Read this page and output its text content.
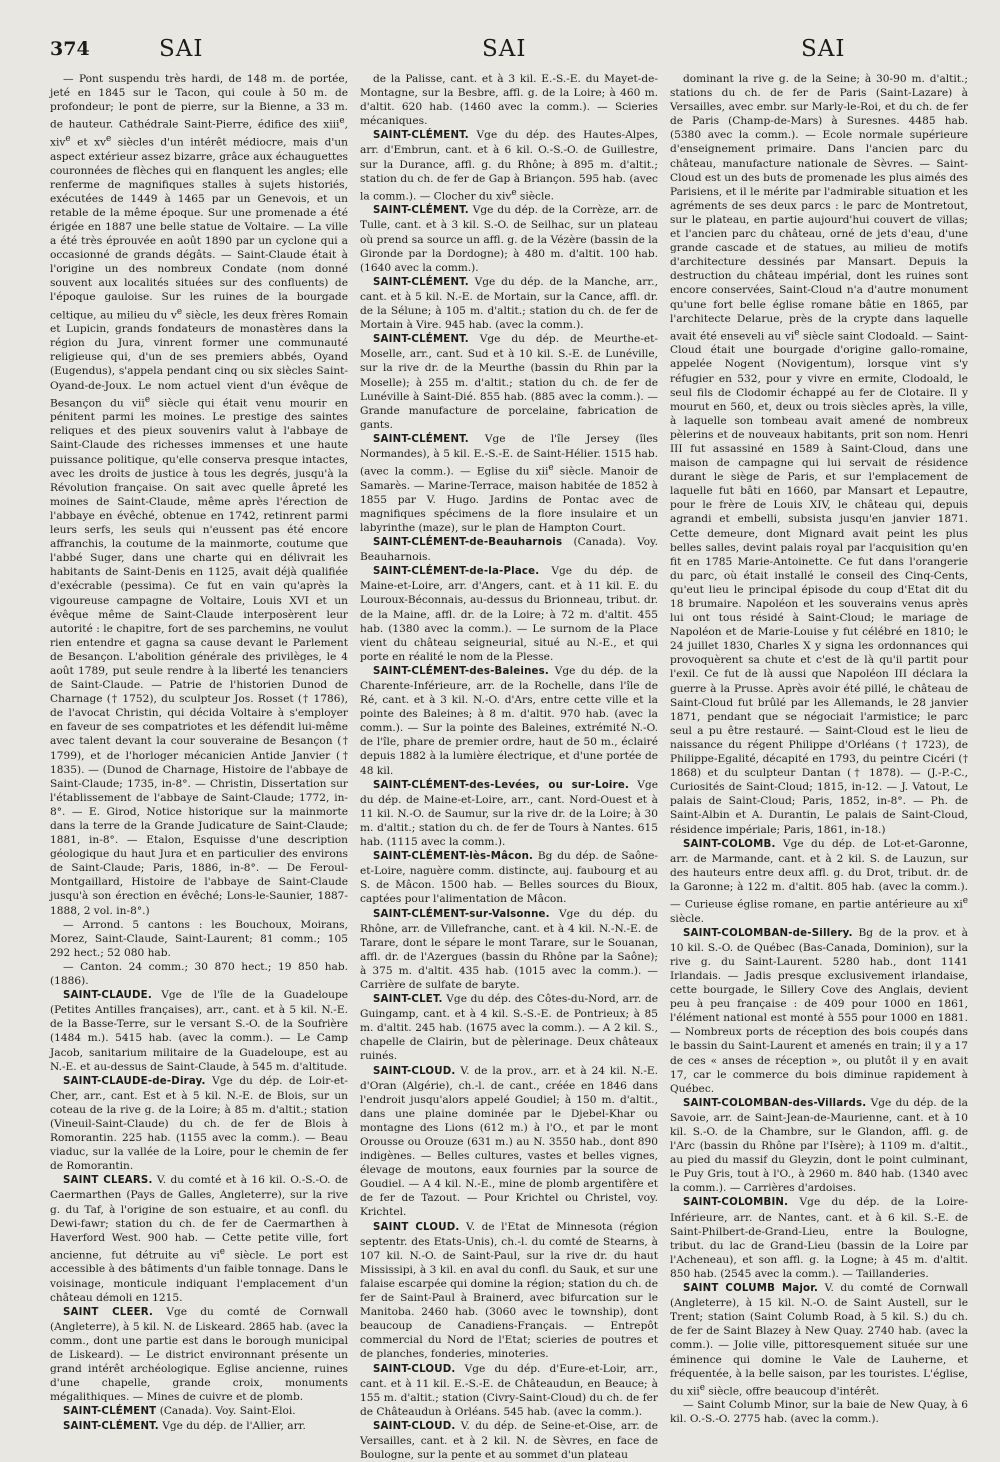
374	SAI	SAI	SAI

— Pont suspendu très hardi, de 148 m. de portée, jeté en 1845 sur le Tacon, qui coule à 50 m. de profondeur; le pont de pierre, sur la Bienne, a 33 m. de hauteur. Cathédrale Saint-Pierre, édifice des xiii$^e$, xiv$^e$ et $xv^e$ siècles d'un intérêt médiocre, mais d'un aspect extérieur assez bizarre, grâce aux échauguettes couronnées de flèches qui en flanquent les angles; elle renferme de magnifiques stalles à sujets historiés, exécutées de 1449 à 1465 par un Genevois, et un retable de la même époque. Sur une promenade a été érigée en 1887 une belle statue de Voltaire. — La ville a été très éprouvée en août 1890 par un cyclone qui a occasionné de grands dégâts. — Saint-Claude était à l'origine un des nombreux Condate (nom donné souvent aux localités situées sur des confluents) de l'époque gauloise. Sur les ruines de la bourgade celtique, au milieu du $v^e$ siècle, les deux frères Romain et Lupicin, grands fondateurs de monastères dans la région du Jura, vinrent former une communauté religieuse qui, d'un de ses premiers abbés, Oyand (Eugendus), s'appela pendant cinq ou six siècles Saint-Oyand-de-Joux. Le nom actuel vient d'un évêque de Besançon du vii$^e$ siècle qui était venu mourir en pénitent parmi les moines. Le prestige des saintes reliques et des pieux souvenirs valut à l'abbaye de Saint-Claude des richesses immenses et une haute puissance politique, qu'elle conserva presque intactes, avec les droits de justice à tous les degrés, jusqu'à la Révolution française. On sait avec quelle âpreté les moines de Saint-Claude, même après l'érection de l'abbaye en évêché, obtenue en 1742, retinrent parmi leurs serfs, les seuls qui n'eussent pas été encore affranchis, la coutume de la mainmorte, coutume que l'abbé Suger, dans une charte qui en délivrait les habitants de Saint-Denis en 1125, avait déjà qualifiée d'exécrable (pessima). Ce fut en vain qu'après la vigoureuse campagne de Voltaire, Louis XVI et un évêque même de Saint-Claude interposèrent leur autorité : le chapitre, fort de ses parchemins, ne voulut rien entendre et gagna sa cause devant le Parlement de Besançon. L'abolition générale des privilèges, le 4 août 1789, put seule rendre à la liberté les tenanciers de Saint-Claude. — Patrie de l'historien Dunod de Charnage († 1752), du sculpteur Jos. Rosset († 1786), de l'avocat Christin, qui décida Voltaire à s'employer en faveur de ses compatriotes et les défendit lui-même avec talent devant la cour souveraine de Besançon († 1799), et de l'horloger mécanicien Antide Janvier († 1835). — (Dunod de Charnage, Histoire de l'abbaye de Saint-Claude; 1735, in-8°. — Christin, Dissertation sur l'établissement de l'abbaye de Saint-Claude; 1772, in-8°. — E. Girod, Notice historique sur la mainmorte dans la terre de la Grande Judicature de Saint-Claude; 1881, in-8°. — Etalon, Esquisse d'une description géologique du haut Jura et en particulier des environs de Saint-Claude; Paris, 1886, in-8°. — De Feroul-Montgaillard, Histoire de l'abbaye de Saint-Claude jusqu'à son érection en évêché; Lons-le-Saunier, 1887-1888, 2 vol. in-8°.)

— Arrond. 5 cantons : les Bouchoux, Moirans, Morez, Saint-Claude, Saint-Laurent; 81 comm.; 105 292 hect.; 52 080 hab.

— Canton. 24 comm.; 30 870 hect.; 19 850 hab. (1886).

SAINT-CLAUDE. Vge de l'île de la Guadeloupe (Petites Antilles françaises), arr., cant. et à 5 kil. N.-E. de la Basse-Terre, sur le versant S.-O. de la Soufrière (1484 m.). 5415 hab. (avec la comm.). — Le Camp Jacob, sanitarium militaire de la Guadeloupe, est au N.-E. et au-dessus de Saint-Claude, à 545 m. d'altitude.

SAINT-CLAUDE-de-Diray. Vge du dép. de Loir-et-Cher, arr., cant. Est et à 5 kil. N.-E. de Blois, sur un coteau de la rive g. de la Loire; à 85 m. d'altit.; station (Vineuil-Saint-Claude) du ch. de fer de Blois à Romorantin. 225 hab. (1155 avec la comm.). — Beau viaduc, sur la vallée de la Loire, pour le chemin de fer de Romorantin.

SAINT CLEARS. V. du comté et à 16 kil. O.-S.-O. de Caermarthen (Pays de Galles, Angleterre), sur la rive g. du Taf, à l'origine de son estuaire, et au confl. du Dewi-fawr; station du ch. de fer de Caermarthen à Haverford West. 900 hab. — Cette petite ville, fort ancienne, fut détruite au $vi^e$ siècle. Le port est accessible à des bâtiments d'un faible tonnage. Dans le voisinage, monticule indiquant l'emplacement d'un château démoli en 1215.

SAINT CLEER. Vge du comté de Cornwall (Angleterre), à 5 kil. N. de Liskeard. 2865 hab. (avec la comm., dont une partie est dans le borough municipal de Liskeard). — Le district environnant présente un grand intérêt archéologique. Eglise ancienne, ruines d'une chapelle, grande croix, monuments mégalithiques. — Mines de cuivre et de plomb.

SAINT-CLÉMENT (Canada). Voy. Saint-Eloi.

SAINT-CLÉMENT. Vge du dép. de l'Allier, arr.

de la Palisse, cant. et à 3 kil. E.-S.-E. du Mayet-de-Montagne, sur la Besbre, affl. g. de la Loire; à 460 m. d'altit. 620 hab. (1460 avec la comm.). — Scieries mécaniques.

SAINT-CLÉMENT. Vge du dép. des Hautes-Alpes, arr. d'Embrun, cant. et à 6 kil. O.-S.-O. de Guillestre, sur la Durance, affl. g. du Rhône; à 895 m. d'altit.; station du ch. de fer de Gap à Briançon. 595 hab. (avec la comm.). — Clocher du xiv$^e$ siècle.

SAINT-CLÉMENT. Vge du dép. de la Corrèze, arr. de Tulle, cant. et à 3 kil. S.-O. de Seilhac, sur un plateau où prend sa source un affl. g. de la Vézère (bassin de la Gironde par la Dordogne); à 480 m. d'altit. 100 hab. (1640 avec la comm.).

SAINT-CLÉMENT. Vge du dép. de la Manche, arr., cant. et à 5 kil. N.-E. de Mortain, sur la Cance, affl. dr. de la Sélune; à 105 m. d'altit.; station du ch. de fer de Mortain à Vire. 945 hab. (avec la comm.).

SAINT-CLÉMENT. Vge du dép. de Meurthe-et-Moselle, arr., cant. Sud et à 10 kil. S.-E. de Lunéville, sur la rive dr. de la Meurthe (bassin du Rhin par la Moselle); à 255 m. d'altit.; station du ch. de fer de Lunéville à Saint-Dié. 855 hab. (885 avec la comm.). — Grande manufacture de porcelaine, fabrication de gants.

SAINT-CLÉMENT. Vge de l'île Jersey (îles Normandes), à 5 kil. E.-S.-E. de Saint-Hélier. 1515 hab. (avec la comm.). — Eglise du xii$^e$ siècle. Manoir de Samarès. — Marine-Terrace, maison habitée de 1852 à 1855 par V. Hugo. Jardins de Pontac avec de magnifiques spécimens de la flore insulaire et un labyrinthe (maze), sur le plan de Hampton Court.

SAINT-CLÉMENT-de-Beauharnois (Canada). Voy. Beauharnois.

SAINT-CLÉMENT-de-la-Place. Vge du dép. de Maine-et-Loire, arr. d'Angers, cant. et à 11 kil. E. du Louroux-Béconnais, au-dessus du Brionneau, tribut. dr. de la Maine, affl. dr. de la Loire; à 72 m. d'altit. 455 hab. (1380 avec la comm.). — Le surnom de la Place vient du château seigneurial, situé au N.-E., et qui porte en réalité le nom de la Plesse.

SAINT-CLÉMENT-des-Baleines. Vge du dép. de la Charente-Inférieure, arr. de la Rochelle, dans l'île de Ré, cant. et à 3 kil. N.-O. d'Ars, entre cette ville et la pointe des Baleines; à 8 m. d'altit. 970 hab. (avec la comm.). — Sur la pointe des Baleines, extrémité N.-O. de l'île, phare de premier ordre, haut de 50 m., éclairé depuis 1882 à la lumière électrique, et d'une portée de 48 kil.

SAINT-CLÉMENT-des-Levées, ou sur-Loire. Vge du dép. de Maine-et-Loire, arr., cant. Nord-Ouest et à 11 kil. N.-O. de Saumur, sur la rive dr. de la Loire; à 30 m. d'altit.; station du ch. de fer de Tours à Nantes. 615 hab. (1115 avec la comm.).

SAINT-CLÉMENT-lès-Mâcon. Bg du dép. de Saône-et-Loire, naguère comm. distincte, auj. faubourg et au S. de Mâcon. 1500 hab. — Belles sources du Bioux, captées pour l'alimentation de Mâcon.

SAINT-CLÉMENT-sur-Valsonne. Vge du dép. du Rhône, arr. de Villefranche, cant. et à 4 kil. N.-N.-E. de Tarare, dont le sépare le mont Tarare, sur le Souanan, affl. dr. de l'Azergues (bassin du Rhône par la Saône); à 375 m. d'altit. 435 hab. (1015 avec la comm.). — Carrière de sulfate de baryte.

SAINT-CLET. Vge du dép. des Côtes-du-Nord, arr. de Guingamp, cant. et à 4 kil. S.-S.-E. de Pontrieux; à 85 m. d'altit. 245 hab. (1675 avec la comm.). — A 2 kil. S., chapelle de Clairin, but de pèlerinage. Deux châteaux ruinés.

SAINT-CLOUD. V. de la prov., arr. et à 24 kil. N.-E. d'Oran (Algérie), ch.-l. de cant., créée en 1846 dans l'endroit jusqu'alors appelé Goudiel; à 150 m. d'altit., dans une plaine dominée par le Djebel-Khar ou montagne des Lions (612 m.) à l'O., et par le mont Orousse ou Orouze (631 m.) au N. 3550 hab., dont 890 indigènes. — Belles cultures, vastes et belles vignes, élevage de moutons, eaux fournies par la source de Goudiel. — A 4 kil. N.-E., mine de plomb argentifère et de fer de Tazout. — Pour Krichtel ou Christel, voy. Krichtel.

SAINT CLOUD. V. de l'Etat de Minnesota (région septentr. des Etats-Unis), ch.-l. du comté de Stearns, à 107 kil. N.-O. de Saint-Paul, sur la rive dr. du haut Mississipi, à 3 kil. en aval du confl. du Sauk, et sur une falaise escarpée qui domine la région; station du ch. de fer de Saint-Paul à Brainerd, avec bifurcation sur le Manitoba. 2460 hab. (3060 avec le township), dont beaucoup de Canadiens-Français. — Entrepôt commercial du Nord de l'Etat; scieries de poutres et de planches, fonderies, minoteries.

SAINT-CLOUD. Vge du dép. d'Eure-et-Loir, arr., cant. et à 11 kil. E.-S.-E. de Châteaudun, en Beauce; à 155 m. d'altit.; station (Civry-Saint-Cloud) du ch. de fer de Châteaudun à Orléans. 545 hab. (avec la comm.).

SAINT-CLOUD. V. du dép. de Seine-et-Oise, arr. de Versailles, cant. et à 2 kil. N. de Sèvres, en face de Boulogne, sur la pente et au sommet d'un plateau

dominant la rive g. de la Seine; à 30-90 m. d'altit.; stations du ch. de fer de Paris (Saint-Lazare) à Versailles, avec embr. sur Marly-le-Roi, et du ch. de fer de Paris (Champ-de-Mars) à Suresnes. 4485 hab. (5380 avec la comm.). — Ecole normale supérieure d'enseignement primaire. Dans l'ancien parc du château, manufacture nationale de Sèvres. — Saint-Cloud est un des buts de promenade les plus aimés des Parisiens, et il le mérite par l'admirable situation et les agréments de ses deux parcs : le parc de Montretout, sur le plateau, en partie aujourd'hui couvert de villas; et l'ancien parc du château, orné de jets d'eau, d'une grande cascade et de statues, au milieu de motifs d'architecture dessinés par Mansart. Depuis la destruction du château impérial, dont les ruines sont encore conservées, Saint-Cloud n'a d'autre monument qu'une fort belle église romane bâtie en 1865, par l'architecte Delarue, près de la crypte dans laquelle avait été enseveli au $vi^e$ siècle saint Clodoald. — Saint-Cloud était une bourgade d'origine gallo-romaine, appelée Nogent (Novigentum), lorsque vint s'y réfugier en 532, pour y vivre en ermite, Clodoald, le seul fils de Clodomir échappé au fer de Clotaire. Il y mourut en 560, et, deux ou trois siècles après, la ville, à laquelle son tombeau avait amené de nombreux pèlerins et de nouveaux habitants, prit son nom. Henri III fut assassiné en 1589 à Saint-Cloud, dans une maison de campagne qui lui servait de résidence durant le siège de Paris, et sur l'emplacement de laquelle fut bâti en 1660, par Mansart et Lepautre, pour le frère de Louis XIV, le château qui, depuis agrandi et embelli, subsista jusqu'en janvier 1871. Cette demeure, dont Mignard avait peint les plus belles salles, devint palais royal par l'acquisition qu'en fit en 1785 Marie-Antoinette. Ce fut dans l'orangerie du parc, où était installé le conseil des Cinq-Cents, qu'eut lieu le principal épisode du coup d'Etat dit du 18 brumaire. Napoléon et les souverains venus après lui ont tous résidé à Saint-Cloud; le mariage de Napoléon et de Marie-Louise y fut célébré en 1810; le 24 juillet 1830, Charles X y signa les ordonnances qui provoquèrent sa chute et c'est de là qu'il partit pour l'exil. Ce fut de là aussi que Napoléon III déclara la guerre à la Prusse. Après avoir été pillé, le château de Saint-Cloud fut brûlé par les Allemands, le 28 janvier 1871, pendant que se négociait l'armistice; le parc seul a pu être restauré. — Saint-Cloud est le lieu de naissance du régent Philippe d'Orléans († 1723), de Philippe-Egalité, décapité en 1793, du peintre Cicéri († 1868) et du sculpteur Dantan († 1878). — (J.-P.-C., Curiosités de Saint-Cloud; 1815, in-12. — J. Vatout, Le palais de Saint-Cloud; Paris, 1852, in-8°. — Ph. de Saint-Albin et A. Durantin, Le palais de Saint-Cloud, résidence impériale; Paris, 1861, in-18.)

SAINT-COLOMB. Vge du dép. de Lot-et-Garonne, arr. de Marmande, cant. et à 2 kil. S. de Lauzun, sur des hauteurs entre deux affl. g. du Drot, tribut. dr. de la Garonne; à 122 m. d'altit. 805 hab. (avec la comm.). — Curieuse église romane, en partie antérieure au $xi^e$ siècle.

SAINT-COLOMBAN-de-Sillery. Bg de la prov. et à 10 kil. S.-O. de Québec (Bas-Canada, Dominion), sur la rive g. du Saint-Laurent. 5280 hab., dont 1141 Irlandais. — Jadis presque exclusivement irlandaise, cette bourgade, le Sillery Cove des Anglais, devient peu à peu française : de 409 pour 1000 en 1861, l'élément national est monté à 555 pour 1000 en 1881. — Nombreux ports de réception des bois coupés dans le bassin du Saint-Laurent et amenés en train; il y a 17 de ces « anses de réception », ou plutôt il y en avait 17, car le commerce du bois diminue rapidement à Québec.

SAINT-COLOMBAN-des-Villards. Vge du dép. de la Savoie, arr. de Saint-Jean-de-Maurienne, cant. et à 10 kil. S.-O. de la Chambre, sur le Glandon, affl. g. de l'Arc (bassin du Rhône par l'Isère); à 1109 m. d'altit., au pied du massif du Gleyzin, dont le point culminant, le Puy Gris, tout à l'O., à 2960 m. 840 hab. (1340 avec la comm.). — Carrières d'ardoises.

SAINT-COLOMBIN. Vge du dép. de la Loire-Inférieure, arr. de Nantes, cant. et à 6 kil. S.-E. de Saint-Philbert-de-Grand-Lieu, entre la Boulogne, tribut. du lac de Grand-Lieu (bassin de la Loire par l'Acheneau), et son affl. g. la Logne; à 45 m. d'altit. 850 hab. (2545 avec la comm.). — Taillanderies.

SAINT COLUMB Major. V. du comté de Cornwall (Angleterre), à 15 kil. N.-O. de Saint Austell, sur le Trent; station (Saint Columb Road, à 5 kil. S.) du ch. de fer de Saint Blazey à New Quay. 2740 hab. (avec la comm.). — Jolie ville, pittoresquement située sur une éminence qui domine le Vale de Lauherne, et fréquentée, à la belle saison, par les touristes. L'église, du xii$^e$ siècle, offre beaucoup d'intérêt.

— Saint Columb Minor, sur la baie de New Quay, à 6 kil. O.-S.-O. 2775 hab. (avec la comm.).
